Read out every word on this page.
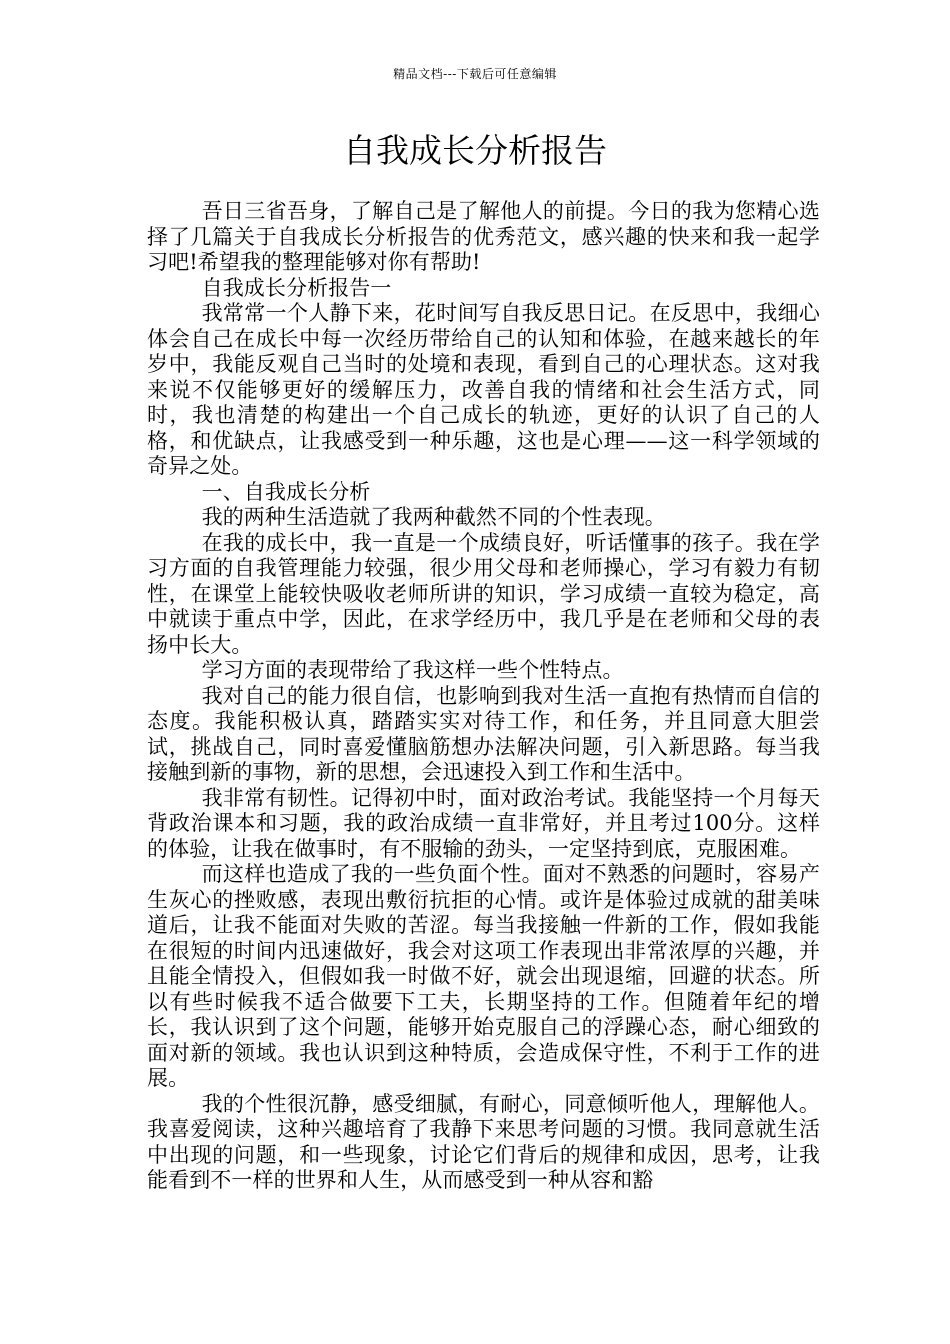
精品文档---下载后可任意编辑
自我成长分析报告

吾日三省吾身，了解自己是了解他人的前提。今日的我为您精心选择了几篇关于自我成长分析报告的优秀范文，感兴趣的快来和我一起学习吧!希望我的整理能够对你有帮助!

自我成长分析报告一

我常常一个人静下来，花时间写自我反思日记。在反思中，我细心体会自己在成长中每一次经历带给自己的认知和体验，在越来越长的年岁中，我能反观自己当时的处境和表现，看到自己的心理状态。这对我来说不仅能够更好的缓解压力，改善自我的情绪和社会生活方式，同时，我也清楚的构建出一个自己成长的轨迹，更好的认识了自己的人格，和优缺点，让我感受到一种乐趣，这也是心理——这一科学领域的奇异之处。

一、自我成长分析

我的两种生活造就了我两种截然不同的个性表现。

在我的成长中，我一直是一个成绩良好，听话懂事的孩子。我在学习方面的自我管理能力较强，很少用父母和老师操心，学习有毅力有韧性，在课堂上能较快吸收老师所讲的知识，学习成绩一直较为稳定，高中就读于重点中学，因此，在求学经历中，我几乎是在老师和父母的表扬中长大。

学习方面的表现带给了我这样一些个性特点。

我对自己的能力很自信，也影响到我对生活一直抱有热情而自信的态度。我能积极认真，踏踏实实对待工作，和任务，并且同意大胆尝试，挑战自己，同时喜爱懂脑筋想办法解决问题，引入新思路。每当我接触到新的事物，新的思想，会迅速投入到工作和生活中。

我非常有韧性。记得初中时，面对政治考试。我能坚持一个月每天背政治课本和习题，我的政治成绩一直非常好，并且考过100分。这样的体验，让我在做事时，有不服输的劲头，一定坚持到底，克服困难。

而这样也造成了我的一些负面个性。面对不熟悉的问题时，容易产生灰心的挫败感，表现出敷衍抗拒的心情。或许是体验过成就的甜美味道后，让我不能面对失败的苦涩。每当我接触一件新的工作，假如我能在很短的时间内迅速做好，我会对这项工作表现出非常浓厚的兴趣，并且能全情投入，但假如我一时做不好，就会出现退缩，回避的状态。所以有些时候我不适合做要下工夫，长期坚持的工作。但随着年纪的增长，我认识到了这个问题，能够开始克服自己的浮躁心态，耐心细致的面对新的领域。我也认识到这种特质，会造成保守性，不利于工作的进展。

我的个性很沉静，感受细腻，有耐心，同意倾听他人，理解他人。我喜爱阅读，这种兴趣培育了我静下来思考问题的习惯。我同意就生活中出现的问题，和一些现象，讨论它们背后的规律和成因，思考，让我能看到不一样的世界和人生，从而感受到一种从容和豁
